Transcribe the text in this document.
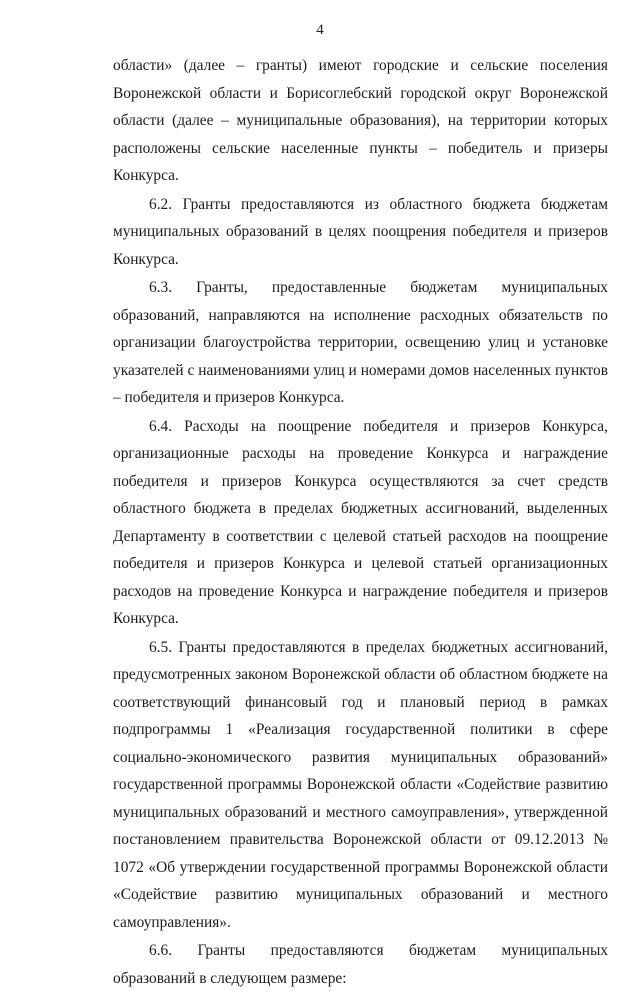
4

области» (далее – гранты) имеют городские и сельские поселения Воронежской области и Борисоглебский городской округ Воронежской области (далее – муниципальные образования), на территории которых расположены сельские населенные пункты – победитель и призеры Конкурса.

6.2. Гранты предоставляются из областного бюджета бюджетам муниципальных образований в целях поощрения победителя и призеров Конкурса.

6.3. Гранты, предоставленные бюджетам муниципальных образований, направляются на исполнение расходных обязательств по организации благоустройства территории, освещению улиц и установке указателей с наименованиями улиц и номерами домов населенных пунктов – победителя и призеров Конкурса.

6.4. Расходы на поощрение победителя и призеров Конкурса, организационные расходы на проведение Конкурса и награждение победителя и призеров Конкурса осуществляются за счет средств областного бюджета в пределах бюджетных ассигнований, выделенных Департаменту в соответствии с целевой статьей расходов на поощрение победителя и призеров Конкурса и целевой статьей организационных расходов на проведение Конкурса и награждение победителя и призеров Конкурса.

6.5. Гранты предоставляются в пределах бюджетных ассигнований, предусмотренных законом Воронежской области об областном бюджете на соответствующий финансовый год и плановый период в рамках подпрограммы 1 «Реализация государственной политики в сфере социально-экономического развития муниципальных образований» государственной программы Воронежской области «Содействие развитию муниципальных образований и местного самоуправления», утвержденной постановлением правительства Воронежской области от 09.12.2013 № 1072 «Об утверждении государственной программы Воронежской области «Содействие развитию муниципальных образований и местного самоуправления».

6.6. Гранты предоставляются бюджетам муниципальных образований в следующем размере:
